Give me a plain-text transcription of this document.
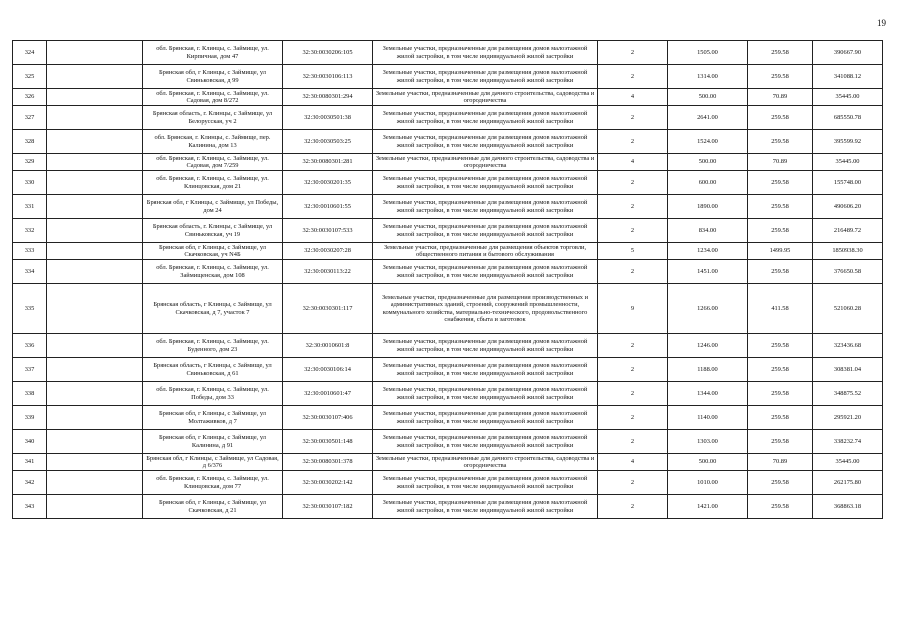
19
324		обл. Брянская, г. Клинцы, с. Займище, ул. Кирпичная, дом 47	32:30:0030206:105	Земельные участки, предназначенные для размещения домов малоэтажной жилой застройки, в том числе индивидуальной жилой застройки	2	1505.00	259.58	390667.90
325		Брянская обл, г Клинцы, с Займище, ул Свиньковская, д 99	32:30:0030106:113	Земельные участки, предназначенные для размещения домов малоэтажной жилой застройки, в том числе индивидуальной жилой застройки	2	1314.00	259.58	341088.12
326		обл. Брянская, г. Клинцы, с. Займище, ул. Садовая, дом 8/272	32:30:0080301:294	Земельные участки, предназначенные для дачного строительства, садоводства и огородничества	4	500.00	70.89	35445.00
327		Брянская область, г. Клинцы, с Займище, ул Белорусская, уч 2	32:30:0030501:38	Земельные участки, предназначенные для размещения домов малоэтажной жилой застройки, в том числе индивидуальной жилой застройки	2	2641.00	259.58	685550.78
328		обл. Брянская, г. Клинцы, с. Займище, пер. Калинина, дом 13	32:30:0030503:25	Земельные участки, предназначенные для размещения домов малоэтажной жилой застройки, в том числе индивидуальной жилой застройки	2	1524.00	259.58	395599.92
329		обл. Брянская, г. Клинцы, с. Займище, ул. Садовая, дом 7/259	32:30:0080301:281	Земельные участки, предназначенные для дачного строительства, садоводства и огородничества	4	500.00	70.89	35445.00
330		обл. Брянская, г. Клинцы, с. Займище, ул. Клинцовская, дом 21	32:30:0030201:35	Земельные участки, предназначенные для размещения домов малоэтажной жилой застройки, в том числе индивидуальной жилой застройки	2	600.00	259.58	155748.00
331		Брянская обл, г Клинцы, с Займище, ул Победы, дом 24	32:30:0010601:55	Земельные участки, предназначенные для размещения домов малоэтажной жилой застройки, в том числе индивидуальной жилой застройки	2	1890.00	259.58	490606.20
332		Брянская область, г. Клинцы, с Займище, ул Свиньковская, уч 19	32:30:0030107:533	Земельные участки, предназначенные для размещения домов малоэтажной жилой застройки, в том числе индивидуальной жилой застройки	2	834.00	259.58	216489.72
333		Брянская обл, г Клинцы, с Займище, ул Скачковская, уч N4Б	32:30:0030207:28	Земельные участки, предназначенные для размещения объектов торговли, общественного питания и бытового обслуживания	5	1234.00	1499.95	1850938.30
334		обл. Брянская, г. Клинцы, с. Займище, ул. Займищенская, дом 108	32:30:0030113:22	Земельные участки, предназначенные для размещения домов малоэтажной жилой застройки, в том числе индивидуальной жилой застройки	2	1451.00	259.58	376650.58
335		Брянская область, г Клинцы, с Займище, ул Скачковская, д 7, участок 7	32:30:0030301:117	Земельные участки, предназначенные для размещения производственных и административных зданий, строений, сооружений промышленности, коммунального хозяйства, материально-технического, продовольственного снабжения, сбыта и заготовок	9	1266.00	411.58	521060.28
336		обл. Брянская, г. Клинцы, с. Займище, ул. Буденного, дом 23	32:30:0010601:8	Земельные участки, предназначенные для размещения домов малоэтажной жилой застройки, в том числе индивидуальной жилой застройки	2	1246.00	259.58	323436.68
337		Брянская область, г Клинцы, с Займище, ул Свиньковская, д 61	32:30:0030106:14	Земельные участки, предназначенные для размещения домов малоэтажной жилой застройки, в том числе индивидуальной жилой застройки	2	1188.00	259.58	308381.04
338		обл. Брянская, г. Клинцы, с. Займище, ул. Победы, дом 33	32:30:0010601:47	Земельные участки, предназначенные для размещения домов малоэтажной жилой застройки, в том числе индивидуальной жилой застройки	2	1344.00	259.58	348875.52
339		Брянская обл, г Клинцы, с Займище, ул Молтаживков, д 7	32:30:0030107:406	Земельные участки, предназначенные для размещения домов малоэтажной жилой застройки, в том числе индивидуальной жилой застройки	2	1140.00	259.58	295921.20
340		Брянская обл, г Клинцы, с Займище, ул Калинина, д 91	32:30:0030501:148	Земельные участки, предназначенные для размещения домов малоэтажной жилой застройки, в том числе индивидуальной жилой застройки	2	1303.00	259.58	338232.74
341		Брянская обл, г Клинцы, с Займище, ул Садовая, д 6/376	32:30:0080301:378	Земельные участки, предназначенные для дачного строительства, садоводства и огородничества	4	500.00	70.89	35445.00
342		обл. Брянская, г. Клинцы, с. Займище, ул. Клинцовская, дом 77	32:30:0030202:142	Земельные участки, предназначенные для размещения домов малоэтажной жилой застройки, в том числе индивидуальной жилой застройки	2	1010.00	259.58	262175.80
343		Брянская обл, г Клинцы, с Займище, ул Скачковская, д 21	32:30:0030107:182	Земельные участки, предназначенные для размещения домов малоэтажной жилой застройки, в том числе индивидуальной жилой застройки	2	1421.00	259.58	368863.18
